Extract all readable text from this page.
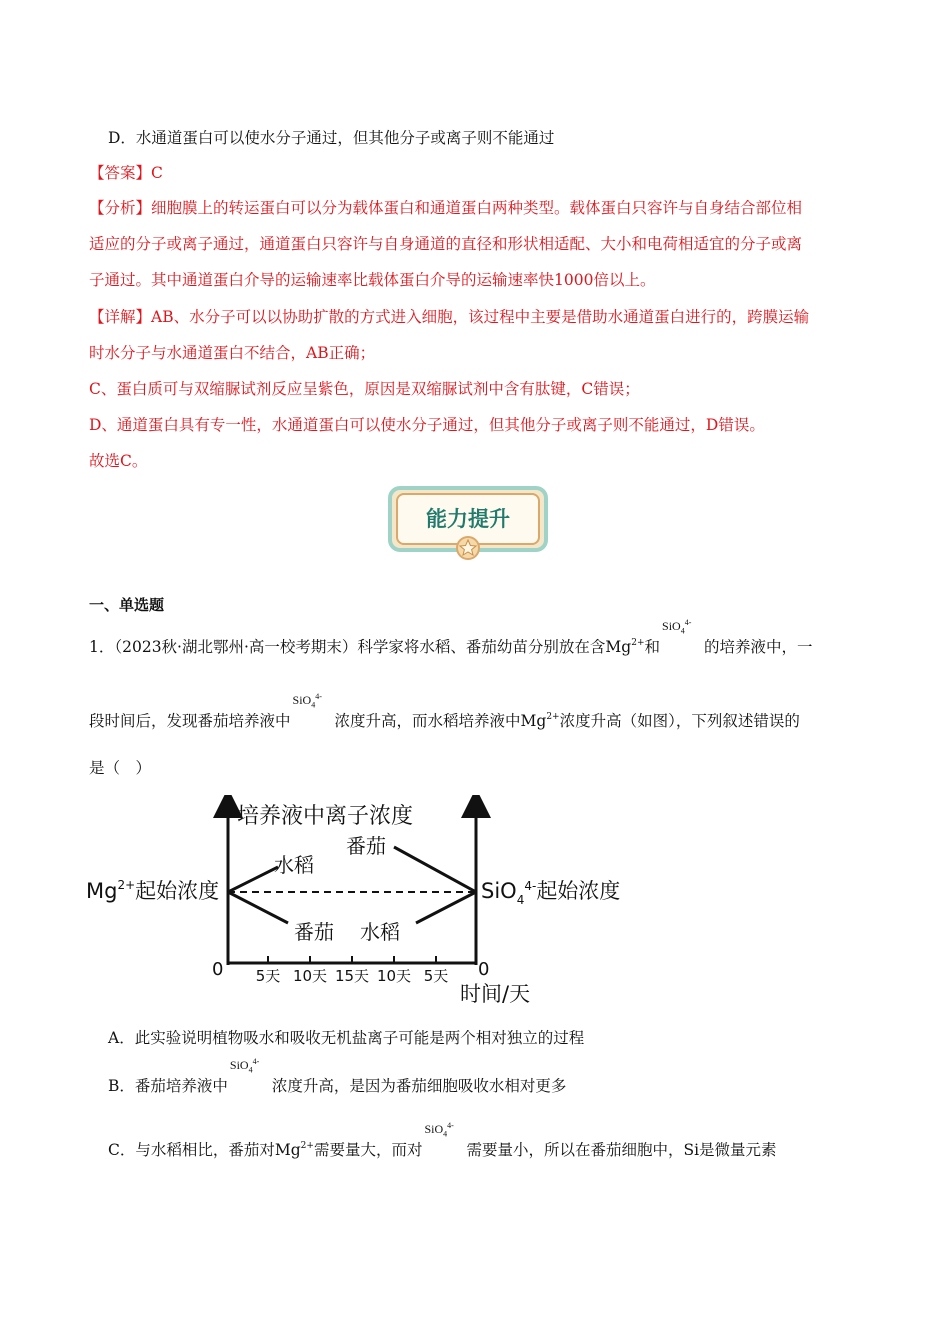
D．水通道蛋白可以使水分子通过，但其他分子或离子则不能通过
【答案】C
【分析】细胞膜上的转运蛋白可以分为载体蛋白和通道蛋白两种类型。载体蛋白只容许与自身结合部位相
适应的分子或离子通过，通道蛋白只容许与自身通道的直径和形状相适配、大小和电荷相适宜的分子或离
子通过。其中通道蛋白介导的运输速率比载体蛋白介导的运输速率快1000倍以上。
【详解】AB、水分子可以以协助扩散的方式进入细胞，该过程中主要是借助水通道蛋白进行的，跨膜运输
时水分子与水通道蛋白不结合，AB正确；
C、蛋白质可与双缩脲试剂反应呈紫色，原因是双缩脲试剂中含有肽键，C错误；
D、通道蛋白具有专一性，水通道蛋白可以使水分子通过，但其他分子或离子则不能通过，D错误。
故选C。
能力提升
一、单选题
1．（2023秋·湖北鄂州·高一校考期末）科学家将水稻、番茄幼苗分别放在含$Mg^{2+}$和
SiO$_4^{4-}$
的培养液中，一
段时间后，发现番茄培养液中
SiO$_4^{4-}$
浓度升高，而水稻培养液中$Mg^{2+}$浓度升高（如图），下列叙述错误的
是（　）
培养液中离子浓度
$Mg^{2+}$起始浓度	SiO$_4^{4-}$起始浓度
水稻
番茄
番茄
水稻
0	0
5天 10天 15天 10天 5天
时间/天
A．此实验说明植物吸水和吸收无机盐离子可能是两个相对独立的过程
B．番茄培养液中
SiO$_4^{4-}$
浓度升高，是因为番茄细胞吸收水相对更多
C．与水稻相比，番茄对$Mg^{2+}$需要量大，而对
SiO$_4^{4-}$
需要量小，所以在番茄细胞中，Si是微量元素
